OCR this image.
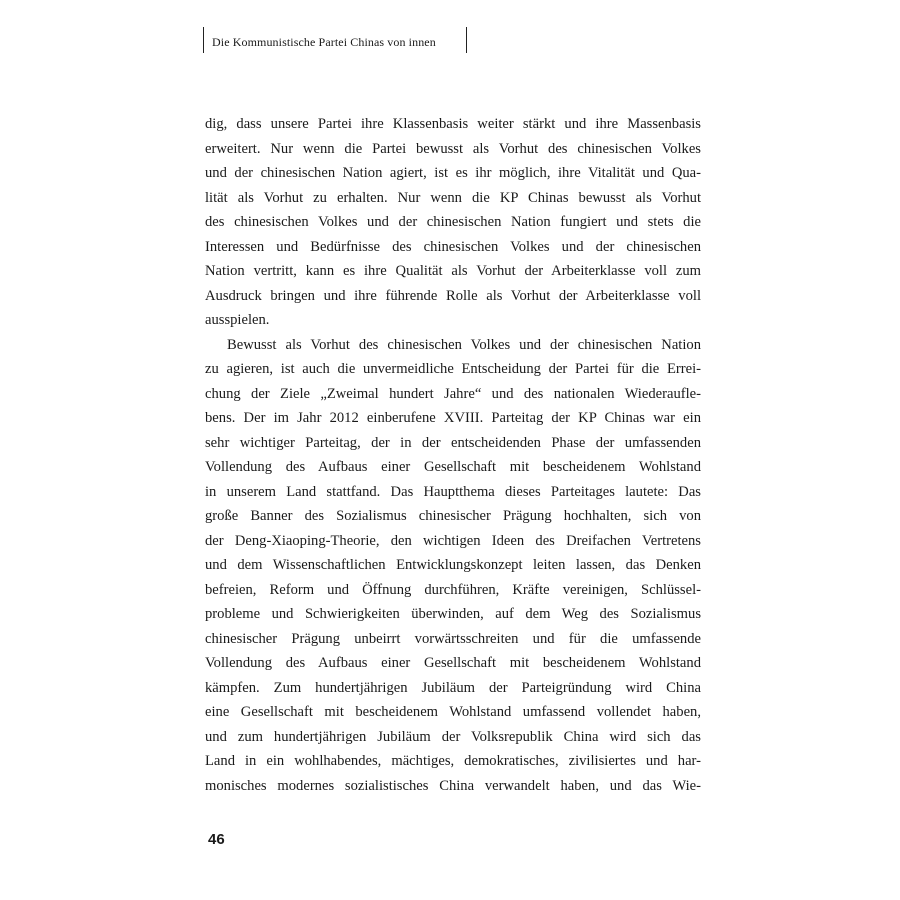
Die Kommunistische Partei Chinas von innen
dig, dass unsere Partei ihre Klassenbasis weiter stärkt und ihre Massenbasis
erweitert. Nur wenn die Partei bewusst als Vorhut des chinesischen Volkes
und der chinesischen Nation agiert, ist es ihr möglich, ihre Vitalität und Qua-
lität als Vorhut zu erhalten. Nur wenn die KP Chinas bewusst als Vorhut
des chinesischen Volkes und der chinesischen Nation fungiert und stets die
Interessen und Bedürfnisse des chinesischen Volkes und der chinesischen
Nation vertritt, kann es ihre Qualität als Vorhut der Arbeiterklasse voll zum
Ausdruck bringen und ihre führende Rolle als Vorhut der Arbeiterklasse voll
ausspielen.
Bewusst als Vorhut des chinesischen Volkes und der chinesischen Nation
zu agieren, ist auch die unvermeidliche Entscheidung der Partei für die Errei-
chung der Ziele „Zweimal hundert Jahre“ und des nationalen Wiederaufle-
bens. Der im Jahr 2012 einberufene XVIII. Parteitag der KP Chinas war ein
sehr wichtiger Parteitag, der in der entscheidenden Phase der umfassenden
Vollendung des Aufbaus einer Gesellschaft mit bescheidenem Wohlstand
in unserem Land stattfand. Das Hauptthema dieses Parteitages lautete: Das
große Banner des Sozialismus chinesischer Prägung hochhalten, sich von
der Deng-Xiaoping-Theorie, den wichtigen Ideen des Dreifachen Vertretens
und dem Wissenschaftlichen Entwicklungskonzept leiten lassen, das Denken
befreien, Reform und Öffnung durchführen, Kräfte vereinigen, Schlüssel-
probleme und Schwierigkeiten überwinden, auf dem Weg des Sozialismus
chinesischer Prägung unbeirrt vorwärtsschreiten und für die umfassende
Vollendung des Aufbaus einer Gesellschaft mit bescheidenem Wohlstand
kämpfen. Zum hundertjährigen Jubiläum der Parteigründung wird China
eine Gesellschaft mit bescheidenem Wohlstand umfassend vollendet haben,
und zum hundertjährigen Jubiläum der Volksrepublik China wird sich das
Land in ein wohlhabendes, mächtiges, demokratisches, zivilisiertes und har-
monisches modernes sozialistisches China verwandelt haben, und das Wie-
46
